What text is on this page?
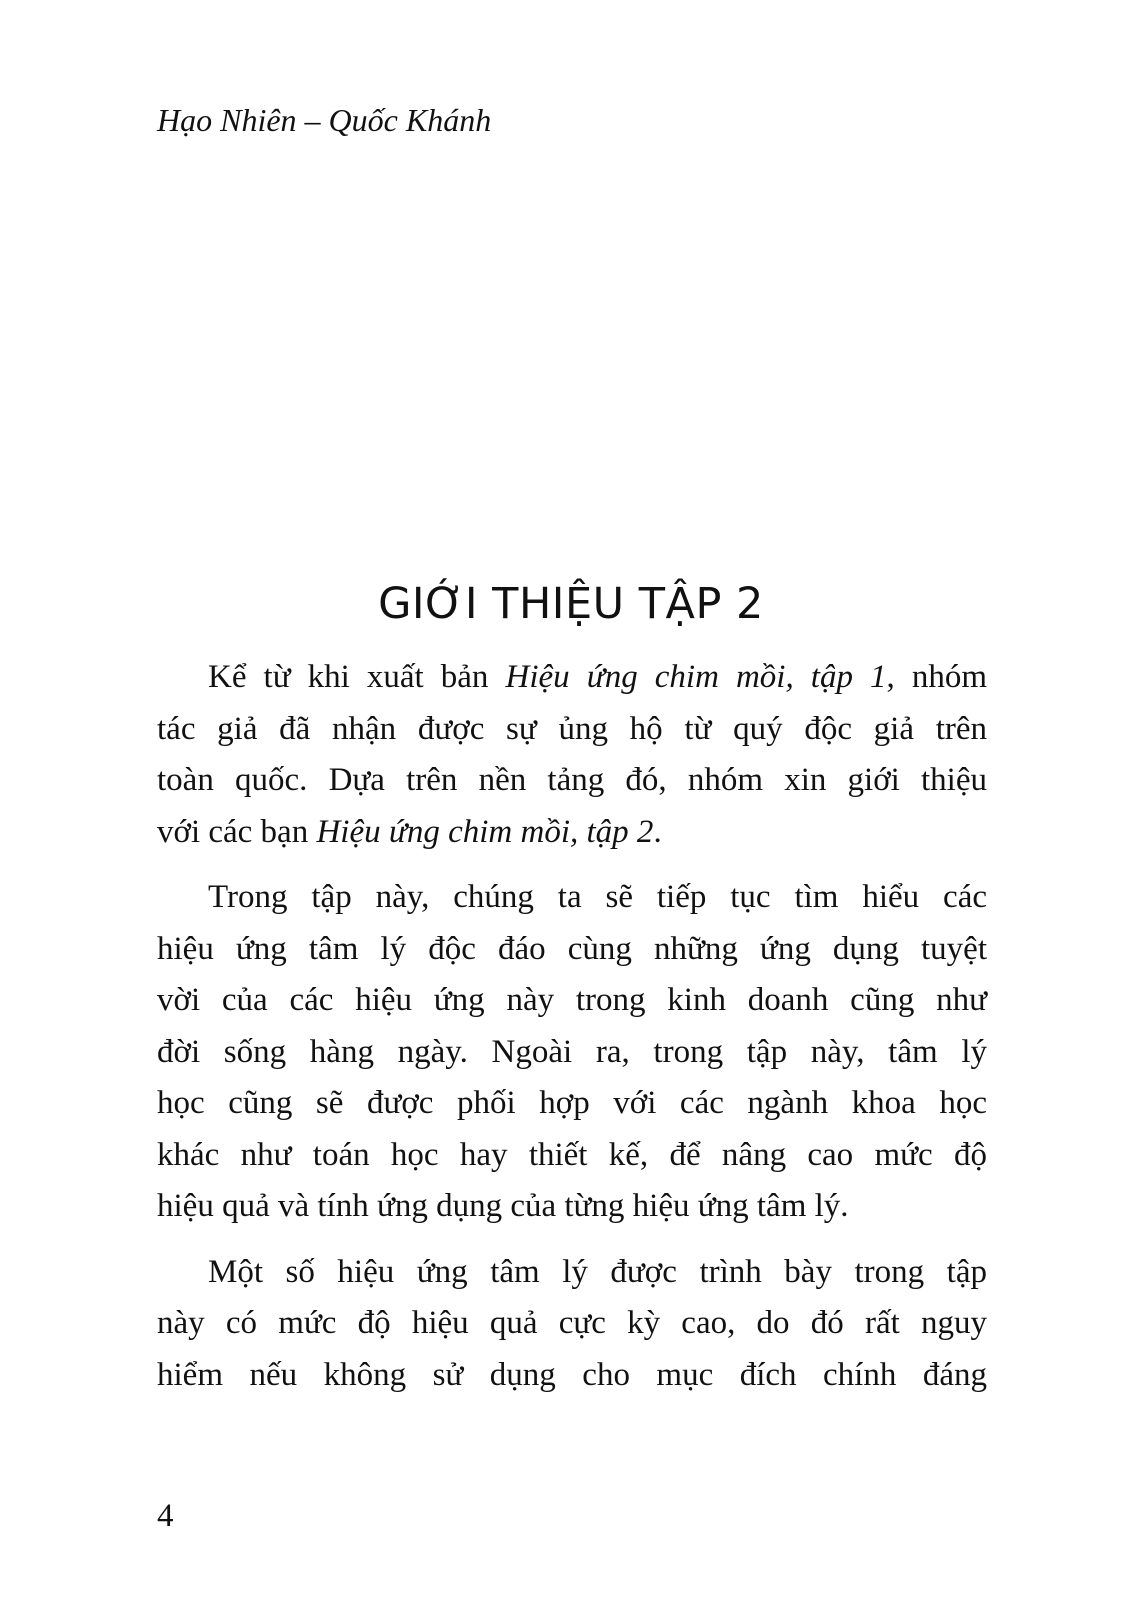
Hạo Nhiên – Quốc Khánh
GIỚI THIỆU TẬP 2
Kể từ khi xuất bản Hiệu ứng chim mồi, tập 1, nhóm
tác giả đã nhận được sự ủng hộ từ quý độc giả trên
toàn quốc. Dựa trên nền tảng đó, nhóm xin giới thiệu
với các bạn Hiệu ứng chim mồi, tập 2.
Trong tập này, chúng ta sẽ tiếp tục tìm hiểu các
hiệu ứng tâm lý độc đáo cùng những ứng dụng tuyệt
vời của các hiệu ứng này trong kinh doanh cũng như
đời sống hàng ngày. Ngoài ra, trong tập này, tâm lý
học cũng sẽ được phối hợp với các ngành khoa học
khác như toán học hay thiết kế, để nâng cao mức độ
hiệu quả và tính ứng dụng của từng hiệu ứng tâm lý.
Một số hiệu ứng tâm lý được trình bày trong tập
này có mức độ hiệu quả cực kỳ cao, do đó rất nguy
hiểm nếu không sử dụng cho mục đích chính đáng
4
